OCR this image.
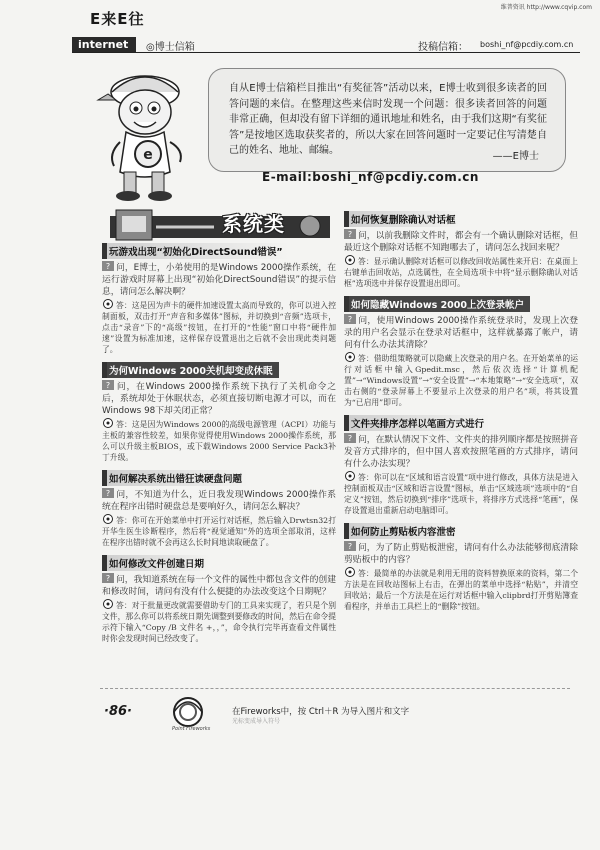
维普资讯 http://www.cqvip.com
E来E往
internet	◎博士信箱	投稿信箱： boshi_nf@pcdiy.com.cn
e
自从E博士信箱栏目推出“有奖征答”活动以来，E博士收到很多读者的回答问题的来信。在整理这些来信时发现一个问题：很多读者回答的问题非常正确，但却没有留下详细的通讯地址和姓名，由于我们这期“有奖征答”是按地区选取获奖者的，所以大家在回答问题时一定要记住写清楚自己的姓名、地址、邮编。
——E博士
E-mail:boshi_nf@pcdiy.com.cn
系统类
玩游戏出现“初始化DirectSound错误”
? 问，E博士，小弟使用的是Windows 2000操作系统，在运行游戏时屏幕上出现“初始化DirectSound错误”的提示信息，请问怎么解决啊？
答：这是因为声卡的硬件加速设置太高而导致的，你可以进入控制面板，双击打开“声音和多媒体”图标，并切换到“音频”选项卡，点击“录音”下的“高级”按钮，在打开的“性能”窗口中将“硬件加速”设置为标准加速，这样保存设置退出之后就不会出现此类问题了。
为何Windows 2000关机却变成休眠
? 问，在Windows 2000操作系统下执行了关机命令之后，系统却处于休眠状态，必须直接切断电源才可以，而在Windows 98下却关闭正常？
答：这是因为Windows 2000的高级电源管理（ACPI）功能与主板的兼容性较差，如果你觉得使用Windows 2000操作系统，那么可以升级主板BIOS，或下载Windows 2000 Service Pack3补丁升级。
如何解决系统出错狂读硬盘问题
? 问，不知道为什么，近日我发现Windows 2000操作系统在程序出错时硬盘总是要响好久，请问怎么解决？
答：你可在开始菜单中打开运行对话框，然后输入Drwtsn32打开华生医生诊断程序，然后将“视觉通知”外的选项全部取消，这样在程序出错时就不会再这么长时间地读取硬盘了。
如何修改文件创建日期
? 问，我知道系统在每一个文件的属性中都包含文件的创建和修改时间，请问有没有什么便捷的办法改变这个日期呢？
答：对于批量更改就需要借助专门的工具来实现了，若只是个别文件，那么你可以将系统日期先调整到要修改的时间，然后在命令提示符下输入“Copy /B 文件名 +，，”，命令执行完毕再查看文件属性时你会发现时间已经改变了。
如何恢复删除确认对话框
? 问，以前我删除文件时，都会有一个确认删除对话框，但最近这个删除对话框不知跑哪去了，请问怎么找回来呢？
答：显示确认删除对话框可以修改回收站属性来开启：在桌面上右键单击回收站，点选属性，在全局选项卡中将“显示删除确认对话框”选项选中并保存设置退出即可。
如何隐藏Windows 2000上次登录帐户
? 问，使用Windows 2000操作系统登录时，发现上次登录的用户名会显示在登录对话框中，这样就暴露了帐户，请问有什么办法其清除？
答：借助组策略就可以隐藏上次登录的用户名。在开始菜单的运行对话框中输入Gpedit.msc，然后依次选择“计算机配置”→“Windows设置”→“安全设置”→“本地策略”→“安全选项”，双击右侧的“登录屏幕上不要显示上次登录的用户名”项，将其设置为“已启用”即可。
文件夹排序怎样以笔画方式进行
? 问，在默认情况下文件、文件夹的排列顺序都是按照拼音发音方式排序的，但中国人喜欢按照笔画的方式排序，请问有什么办法实现？
答：你可以在“区域和语言设置”项中进行修改，具体方法是进入控制面板双击“区域和语言设置”图标，单击“区域选项”选项中的“自定义”按钮，然后切换到“排序”选项卡，将排序方式选择“笔画”，保存设置退出重新启动电脑即可。
如何防止剪贴板内容泄密
? 问，为了防止剪贴板泄密，请问有什么办法能够彻底清除剪贴板中的内容？
答：最简单的办法就是利用无用的资料替换原来的资料，第二个方法是在回收站图标上右击，在弹出的菜单中选择“粘贴”，并清空回收站；最后一个方法是在运行对话框中输入clipbrd打开剪贴簿查看程序，并单击工具栏上的“删除”按钮。
·86·
Point Fireworks
在Fireworks中，按 Ctrl＋R 为导入图片和文字
光标变成导入符号
